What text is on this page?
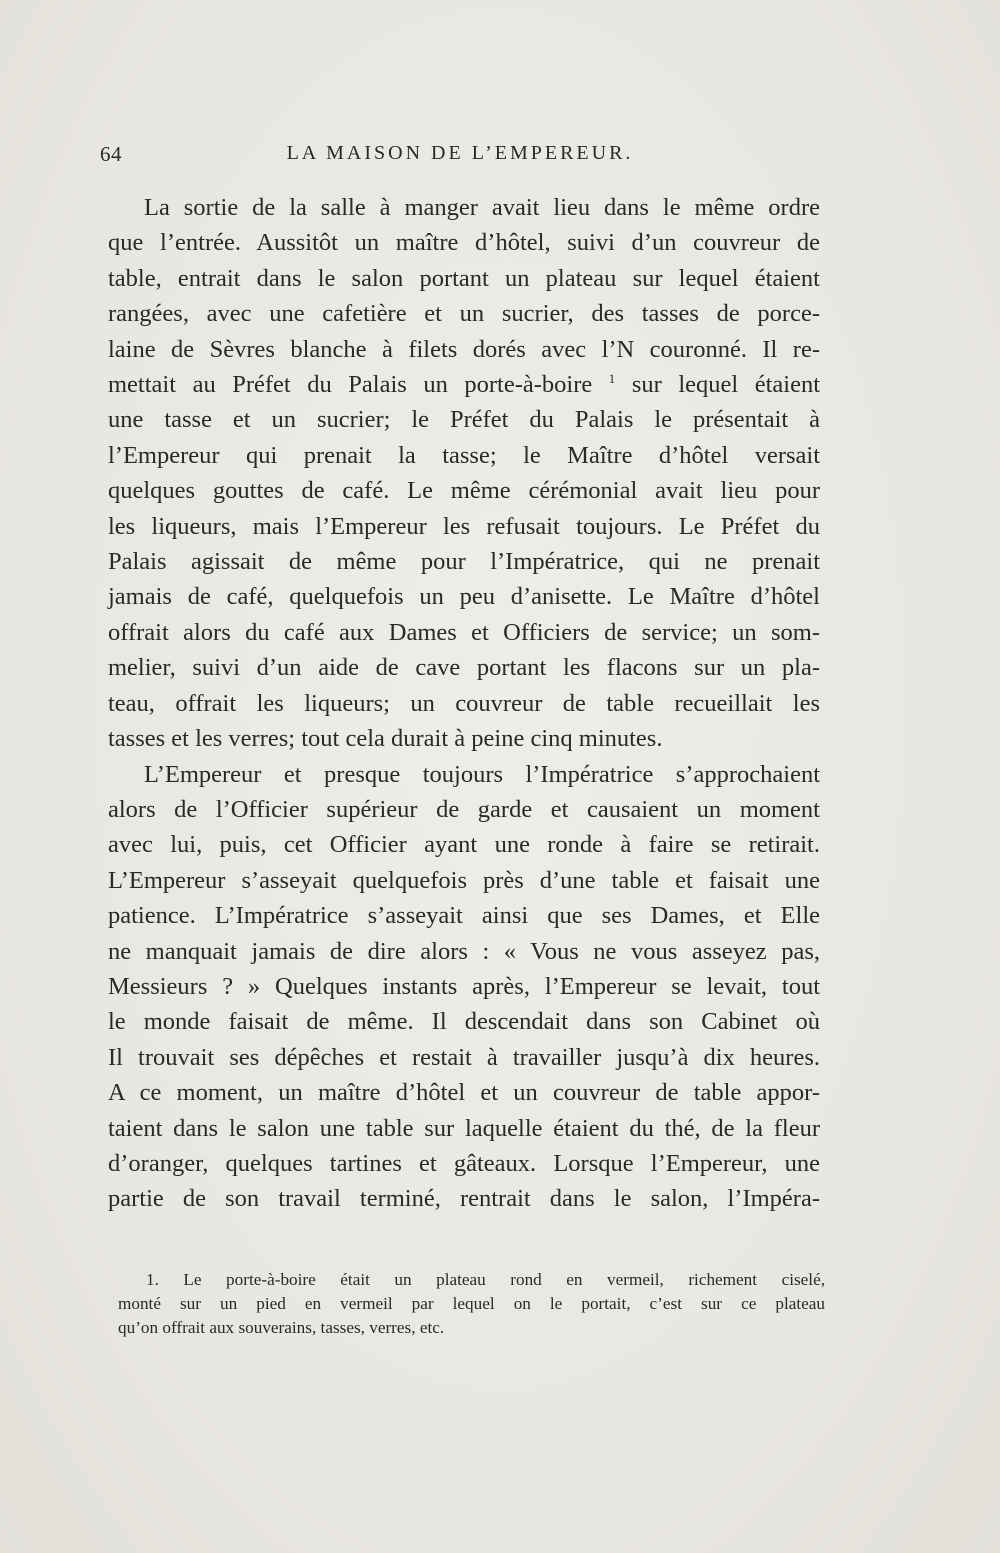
64	LA MAISON DE L’EMPEREUR.
La sortie de la salle à manger avait lieu dans le même ordre
que l’entrée. Aussitôt un maître d’hôtel, suivi d’un couvreur de
table, entrait dans le salon portant un plateau sur lequel étaient
rangées, avec une cafetière et un sucrier, des tasses de porce-
laine de Sèvres blanche à filets dorés avec l’N couronné. Il re-
mettait au Préfet du Palais un porte-à-boire $^1$ sur lequel étaient
une tasse et un sucrier; le Préfet du Palais le présentait à
l’Empereur qui prenait la tasse; le Maître d’hôtel versait
quelques gouttes de café. Le même cérémonial avait lieu pour
les liqueurs, mais l’Empereur les refusait toujours. Le Préfet du
Palais agissait de même pour l’Impératrice, qui ne prenait
jamais de café, quelquefois un peu d’anisette. Le Maître d’hôtel
offrait alors du café aux Dames et Officiers de service; un som-
melier, suivi d’un aide de cave portant les flacons sur un pla-
teau, offrait les liqueurs; un couvreur de table recueillait les
tasses et les verres; tout cela durait à peine cinq minutes.
L’Empereur et presque toujours l’Impératrice s’approchaient
alors de l’Officier supérieur de garde et causaient un moment
avec lui, puis, cet Officier ayant une ronde à faire se retirait.
L’Empereur s’asseyait quelquefois près d’une table et faisait une
patience. L’Impératrice s’asseyait ainsi que ses Dames, et Elle
ne manquait jamais de dire alors : « Vous ne vous asseyez pas,
Messieurs ? » Quelques instants après, l’Empereur se levait, tout
le monde faisait de même. Il descendait dans son Cabinet où
Il trouvait ses dépêches et restait à travailler jusqu’à dix heures.
A ce moment, un maître d’hôtel et un couvreur de table appor-
taient dans le salon une table sur laquelle étaient du thé, de la fleur
d’oranger, quelques tartines et gâteaux. Lorsque l’Empereur, une
partie de son travail terminé, rentrait dans le salon, l’Impéra-
1. Le porte-à-boire était un plateau rond en vermeil, richement ciselé,
monté sur un pied en vermeil par lequel on le portait, c’est sur ce plateau
qu’on offrait aux souverains, tasses, verres, etc.
